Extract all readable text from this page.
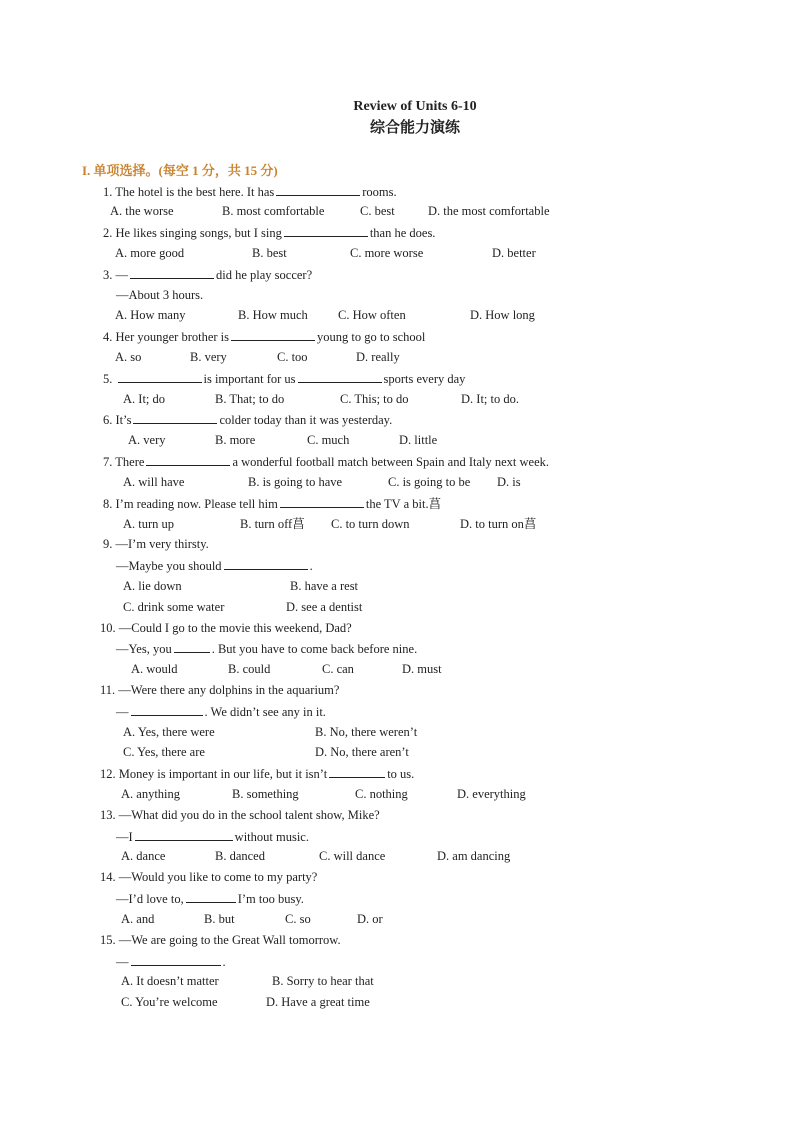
Review of Units 6-10
综合能力演练
I. 单项选择。(每空 1 分，共 15 分)
1. The hotel is the best here. It has	rooms.
A. the worse	B. most comfortable	C. best	D. the most comfortable
2. He likes singing songs, but I sing	than he does.
A. more good	B. best	C. more worse	D. better
3. —	did he play soccer?
—About 3 hours.
A. How many	B. How much C. How often	D. How long
4. Her younger brother is	young to go to school
A. so	B. very	C. too	D. really
5.	is important for us	sports every day
A. It; do	B. That; to do	C. This; to do	D. It; to do.
6. It’s	colder today than it was yesterday.
A. very	B. more	C. much	D. little
7. There	a wonderful football match between Spain and Italy next week.
A. will have	B. is going to have	C. is going to be D. is
8. I’m reading now. Please tell him	the TV a bit.菖
A. turn up	B. turn off菖 C. to turn down	D. to turn on菖
9. —I’m very thirsty.
—Maybe you should	.
A. lie down	B. have a rest
C. drink some water	D. see a dentist
10. —Could I go to the movie this weekend, Dad?
—Yes, you	. But you have to come back before nine.
A. would	B. could	C. can	D. must
11. —Were there any dolphins in the aquarium?
—	. We didn’t see any in it.
A. Yes, there were	B. No, there weren’t
C. Yes, there are	D. No, there aren’t
12. Money is important in our life, but it isn’t	to us.
A. anything	B. something	C. nothing	D. everything
13. —What did you do in the school talent show, Mike?
—I	without music.
A. dance	B. danced	C. will dance	D. am dancing
14. —Would you like to come to my party?
—I’d love to,	I’m too busy.
A. and	B. but	C. so	D. or
15. —We are going to the Great Wall tomorrow.
—	.
A. It doesn’t matter	B. Sorry to hear that
C. You’re welcome	D. Have a great time
